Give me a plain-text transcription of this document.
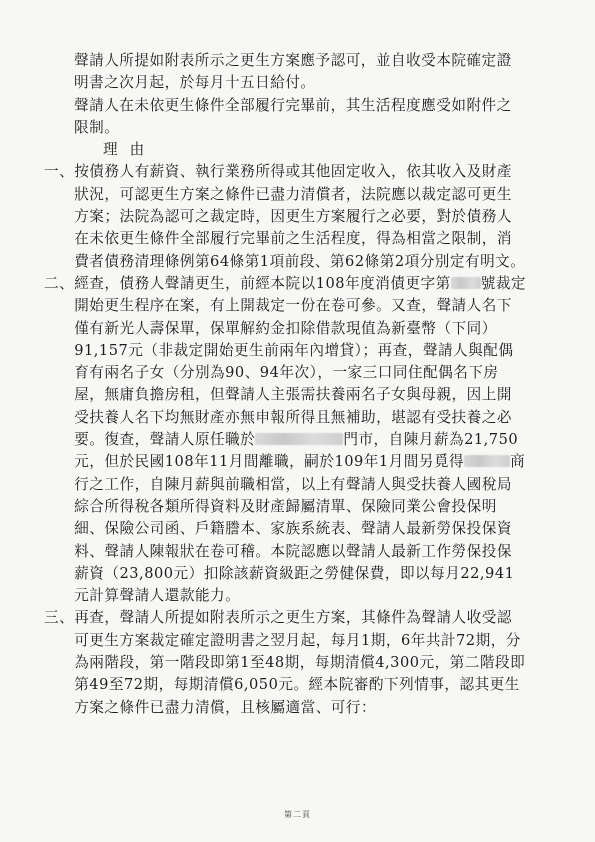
聲請人所提如附表所示之更生方案應予認可，並自收受本院確定證明書之次月起，於每月十五日給付。

聲請人在未依更生條件全部履行完畢前，其生活程度應受如附件之限制。

理由

一、 按債務人有薪資、執行業務所得或其他固定收入，依其收入及財產狀況，可認更生方案之條件已盡力清償者，法院應以裁定認可更生方案；法院為認可之裁定時，因更生方案履行之必要，對於債務人在未依更生條件全部履行完畢前之生活程度，得為相當之限制，消費者債務清理條例第64條第1項前段、第62條第2項分別定有明文。
二、 經查，債務人聲請更生，前經本院以108年度消債更字第 號裁定開始更生程序在案，有上開裁定一份在卷可參。又查，聲請人名下僅有新光人壽保單，保單解約金扣除借款現值為新臺幣（下同）91,157元（非裁定開始更生前兩年內增貸）；再查，聲請人與配偶育有兩名子女（分別為90、94年次），一家三口同住配偶名下房屋，無庸負擔房租，但聲請人主張需扶養兩名子女與母親，因上開受扶養人名下均無財產亦無申報所得且無補助，堪認有受扶養之必要。復查，聲請人原任職於	門市，自陳月薪為21,750元，但於民國108年11月間離職，嗣於109年1月間另覓得	商行之工作，自陳月薪與前職相當，以上有聲請人與受扶養人國稅局綜合所得稅各類所得資料及財產歸屬清單、保險同業公會投保明細、保險公司函、戶籍謄本、家族系統表、聲請人最新勞保投保資料、聲請人陳報狀在卷可稽。本院認應以聲請人最新工作勞保投保薪資（23,800元）扣除該薪資級距之勞健保費，即以每月22,941元計算聲請人還款能力。
三、 再查，聲請人所提如附表所示之更生方案，其條件為聲請人收受認可更生方案裁定確定證明書之翌月起，每月1期，6年共計72期，分為兩階段，第一階段即第1至48期，每期清償4,300元，第二階段即第49至72期，每期清償6,050元。經本院審酌下列情事，認其更生方案之條件已盡力清償，且核屬適當、可行：
第二頁
